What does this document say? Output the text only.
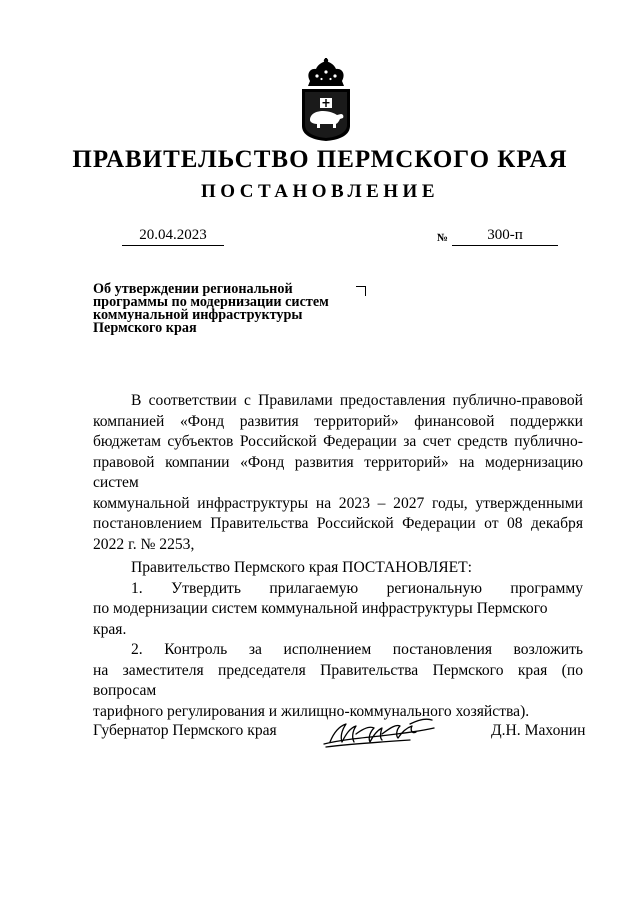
ПРАВИТЕЛЬСТВО ПЕРМСКОГО КРАЯ
ПОСТАНОВЛЕНИЕ
20.04.2023	№	300-п
Об утверждении региональной
программы по модернизации систем
коммунальной инфраструктуры
Пермского края

В соответствии с Правилами предоставления публично-правовой

компанией «Фонд развития территорий» финансовой поддержки

бюджетам субъектов Российской Федерации за счет средств публично-

правовой компании «Фонд развития территорий» на модернизацию систем

коммунальной инфраструктуры на 2023 – 2027 годы, утвержденными

постановлением Правительства Российской Федерации от 08 декабря

2022 г. № 2253,

Правительство Пермского края ПОСТАНОВЛЯЕТ:

1. Утвердить прилагаемую региональную программу

по модернизации систем коммунальной инфраструктуры Пермского края.

2. Контроль за исполнением постановления возложить

на заместителя председателя Правительства Пермского края (по вопросам

тарифного регулирования и жилищно-коммунального хозяйства).

Губернатор Пермского края	Д.Н. Махонин
